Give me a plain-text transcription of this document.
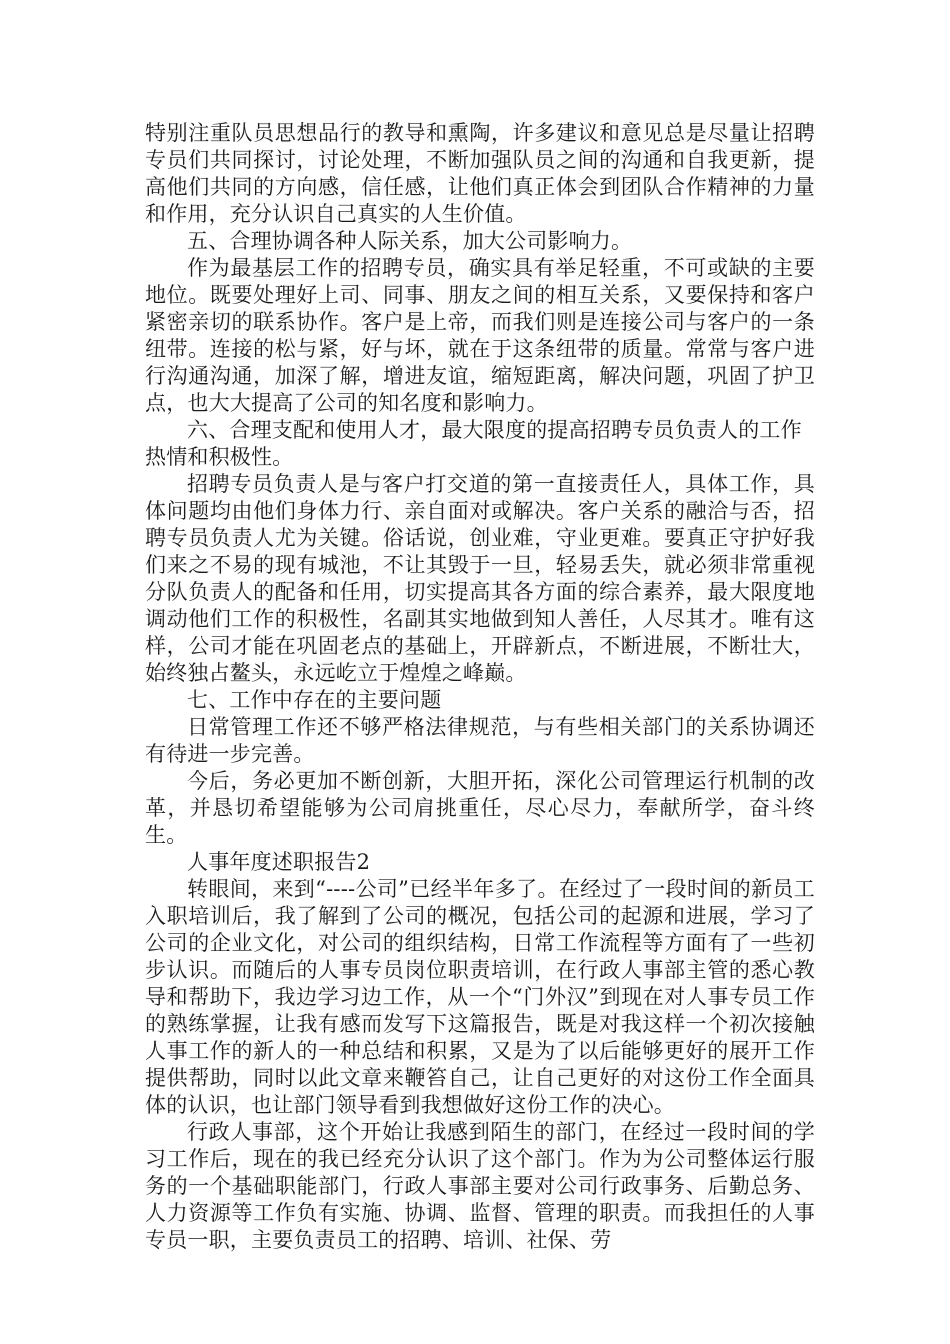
特别注重队员思想品行的教导和熏陶，许多建议和意见总是尽量让招聘专员们共同探讨，讨论处理，不断加强队员之间的沟通和自我更新，提高他们共同的方向感，信任感，让他们真正体会到团队合作精神的力量和作用，充分认识自己真实的人生价值。

五、合理协调各种人际关系，加大公司影响力。

作为最基层工作的招聘专员，确实具有举足轻重，不可或缺的主要地位。既要处理好上司、同事、朋友之间的相互关系，又要保持和客户紧密亲切的联系协作。客户是上帝，而我们则是连接公司与客户的一条纽带。连接的松与紧，好与坏，就在于这条纽带的质量。常常与客户进行沟通沟通，加深了解，增进友谊，缩短距离，解决问题，巩固了护卫点，也大大提高了公司的知名度和影响力。

六、合理支配和使用人才，最大限度的提高招聘专员负责人的工作热情和积极性。

招聘专员负责人是与客户打交道的第一直接责任人，具体工作，具体问题均由他们身体力行、亲自面对或解决。客户关系的融洽与否，招聘专员负责人尤为关键。俗话说，创业难，守业更难。要真正守护好我们来之不易的现有城池，不让其毁于一旦，轻易丢失，就必须非常重视分队负责人的配备和任用，切实提高其各方面的综合素养，最大限度地调动他们工作的积极性，名副其实地做到知人善任，人尽其才。唯有这样，公司才能在巩固老点的基础上，开辟新点，不断进展，不断壮大，始终独占鳌头，永远屹立于煌煌之峰巅。

七、工作中存在的主要问题

日常管理工作还不够严格法律规范，与有些相关部门的关系协调还有待进一步完善。

今后，务必更加不断创新，大胆开拓，深化公司管理运行机制的改革，并恳切希望能够为公司肩挑重任，尽心尽力，奉献所学，奋斗终生。

人事年度述职报告2

转眼间，来到“----公司”已经半年多了。在经过了一段时间的新员工入职培训后，我了解到了公司的概况，包括公司的起源和进展，学习了公司的企业文化，对公司的组织结构，日常工作流程等方面有了一些初步认识。而随后的人事专员岗位职责培训，在行政人事部主管的悉心教导和帮助下，我边学习边工作，从一个“门外汉”到现在对人事专员工作的熟练掌握，让我有感而发写下这篇报告，既是对我这样一个初次接触人事工作的新人的一种总结和积累，又是为了以后能够更好的展开工作提供帮助，同时以此文章来鞭笞自己，让自己更好的对这份工作全面具体的认识，也让部门领导看到我想做好这份工作的决心。

行政人事部，这个开始让我感到陌生的部门，在经过一段时间的学习工作后，现在的我已经充分认识了这个部门。作为为公司整体运行服务的一个基础职能部门，行政人事部主要对公司行政事务、后勤总务、人力资源等工作负有实施、协调、监督、管理的职责。而我担任的人事专员一职，主要负责员工的招聘、培训、社保、劳
